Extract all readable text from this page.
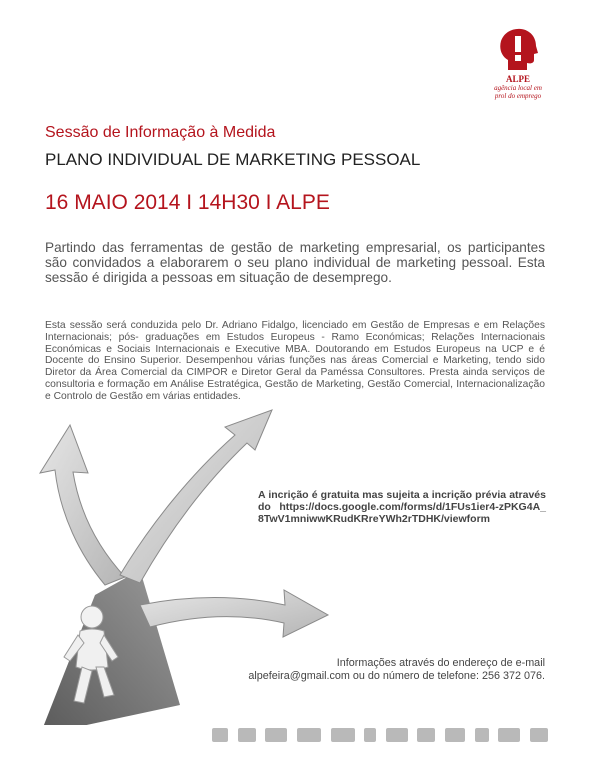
ALPE
agência local em
prol do emprego
Sessão de Informação à Medida
PLANO INDIVIDUAL DE MARKETING PESSOAL
16 MAIO 2014 I 14H30 I ALPE

Partindo das ferramentas de gestão de marketing empresarial, os participantes são convidados a elaborarem o seu plano individual de marketing pessoal. Esta sessão é dirigida a pessoas em situação de desemprego.

Esta sessão será conduzida pelo Dr. Adriano Fidalgo, licenciado em Gestão de Empresas e em Relações Internacionais; pós- graduações em Estudos Europeus - Ramo Económicas; Relações Internacionais Económicas e Sociais Internacionais e Executive MBA. Doutorando em Estudos Europeus na UCP e é Docente do Ensino Superior. Desempenhou várias funções nas áreas Comercial e Marketing, tendo sido Diretor da Área Comercial da CIMPOR e Diretor Geral da Paméssa Consultores. Presta ainda serviços de consultoria e formação em Análise Estratégica, Gestão de Marketing, Gestão Comercial, Internacionalização e Controlo de Gestão em várias entidades.

A incrição é gratuita mas sujeita a incrição prévia através do https://docs.google.com/forms/d/1FUs1ier4-zPKG4A_8TwV1mniwwKRudKRreYWh2rTDHK/viewform
Informações através do endereço de e-mail
alpefeira@gmail.com ou do número de telefone: 256 372 076.
